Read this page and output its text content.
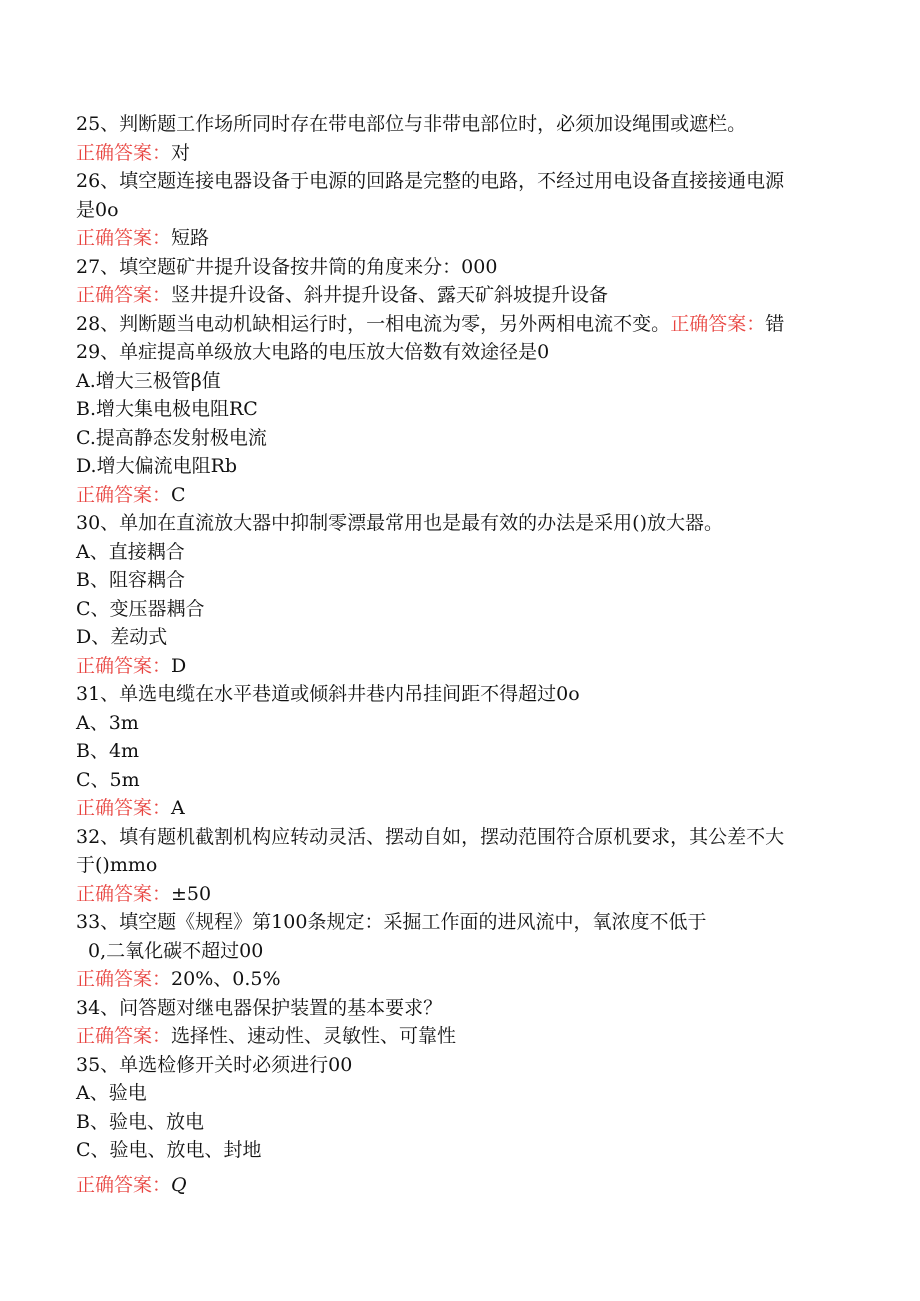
25、判断题工作场所同时存在带电部位与非带电部位时，必须加设绳围或遮栏。

正确答案：对

26、填空题连接电器设备于电源的回路是完整的电路，不经过用电设备直接接通电源

是0o

正确答案：短路

27、填空题矿井提升设备按井筒的角度来分：000

正确答案：竖井提升设备、斜井提升设备、露天矿斜坡提升设备

28、判断题当电动机缺相运行时，一相电流为零，另外两相电流不变。正确答案：错

29、单症提高单级放大电路的电压放大倍数有效途径是0

A.增大三极管β值

B.增大集电极电阻RC

C.提高静态发射极电流

D.增大偏流电阻Rb

正确答案：C

30、单加在直流放大器中抑制零漂最常用也是最有效的办法是采用()放大器。

A、直接耦合

B、阻容耦合

C、变压器耦合

D、差动式

正确答案：D

31、单选电缆在水平巷道或倾斜井巷内吊挂间距不得超过0o

A、3m

B、4m

C、5m

正确答案：A

32、填有题机截割机构应转动灵活、摆动自如，摆动范围符合原机要求，其公差不大

于()mmo

正确答案：±50

33、填空题《规程》第100条规定：采掘工作面的进风流中，氧浓度不低于

0,二氧化碳不超过00

正确答案：20%、0.5%

34、问答题对继电器保护装置的基本要求？

正确答案：选择性、速动性、灵敏性、可靠性

35、单选检修开关时必须进行00

A、验电

B、验电、放电

C、验电、放电、封地

正确答案：Q
